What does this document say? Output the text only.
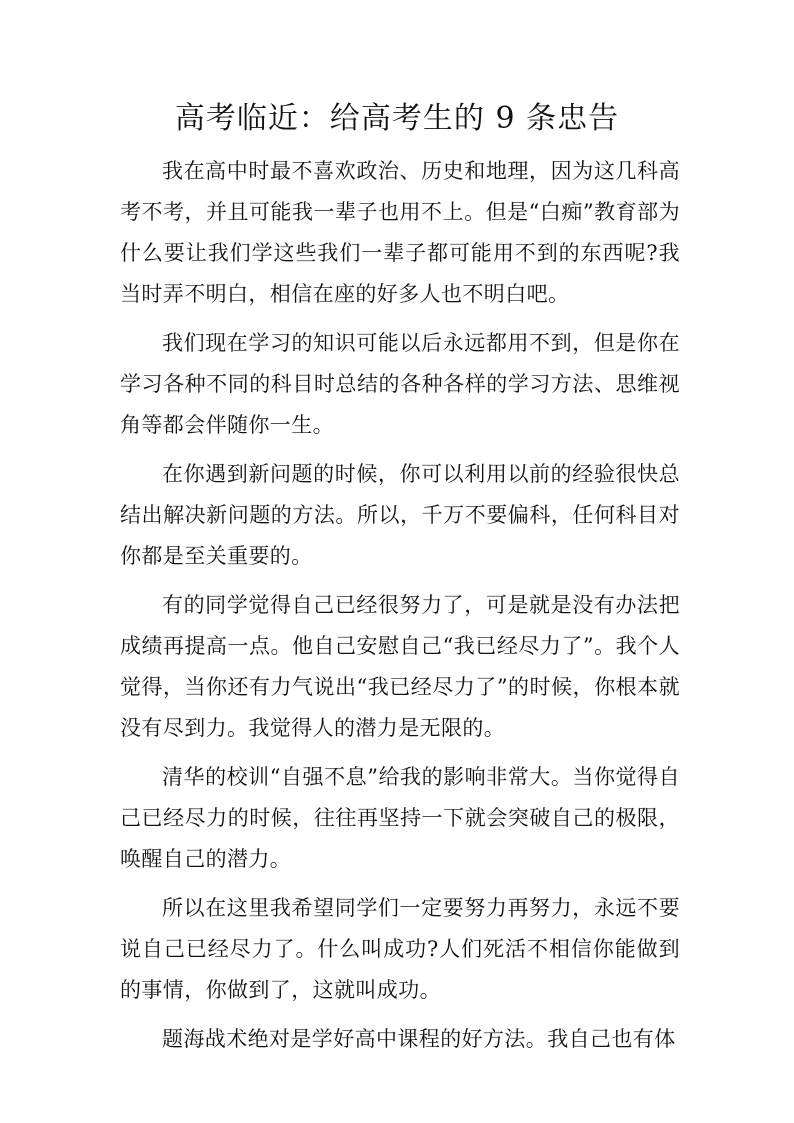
高考临近：给高考生的 9 条忠告

我在高中时最不喜欢政治、历史和地理，因为这几科高考不考，并且可能我一辈子也用不上。但是“白痴”教育部为什么要让我们学这些我们一辈子都可能用不到的东西呢?我当时弄不明白，相信在座的好多人也不明白吧。

我们现在学习的知识可能以后永远都用不到，但是你在学习各种不同的科目时总结的各种各样的学习方法、思维视角等都会伴随你一生。

在你遇到新问题的时候，你可以利用以前的经验很快总结出解决新问题的方法。所以，千万不要偏科，任何科目对你都是至关重要的。

有的同学觉得自己已经很努力了，可是就是没有办法把成绩再提高一点。他自己安慰自己“我已经尽力了”。我个人觉得，当你还有力气说出“我已经尽力了”的时候，你根本就没有尽到力。我觉得人的潜力是无限的。

清华的校训“自强不息”给我的影响非常大。当你觉得自己已经尽力的时候，往往再坚持一下就会突破自己的极限，唤醒自己的潜力。

所以在这里我希望同学们一定要努力再努力，永远不要说自己已经尽力了。什么叫成功?人们死活不相信你能做到的事情，你做到了，这就叫成功。

题海战术绝对是学好高中课程的好方法。我自己也有体
